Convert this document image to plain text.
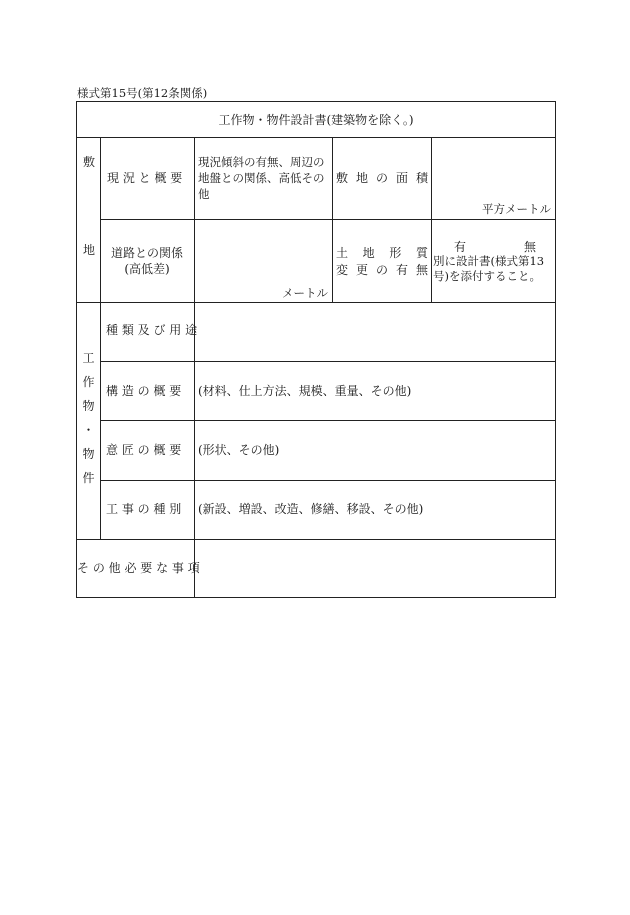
様式第15号(第12条関係)
工作物・物件設計書(建築物を除く。)
敷
地
現 況 と 概 要
現況傾斜の有無、周辺の地盤との関係、高低その他
敷 地 の 面 積
平方メートル
道路との関係
(高低差)
メートル
土 地 形 質
変 更 の 有 無
有	無
別に設計書(様式第13号)を添付すること。
工
作
物
・
物
件
種 類 及 び 用 途
構 造 の 概 要 (材料、仕上方法、規模、重量、その他)
意 匠 の 概 要 (形状、その他)
工 事 の 種 別 (新設、増設、改造、修繕、移設、その他)
そ の 他 必 要 な 事 項
